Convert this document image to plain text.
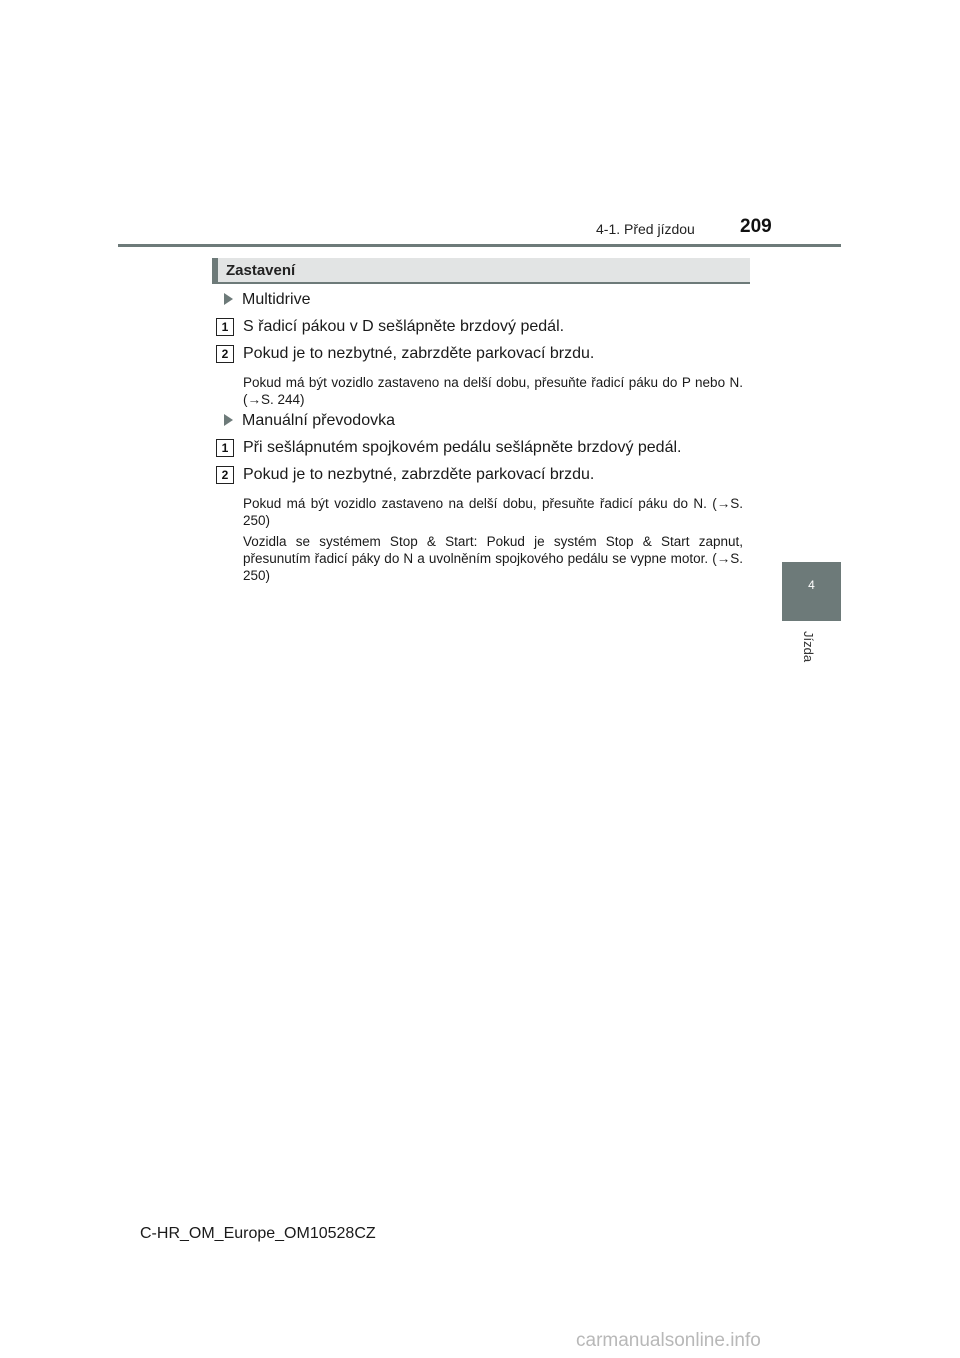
4-1. Před jízdou 209
4
Jízda
Zastavení
Multidrive
1 S řadicí pákou v D sešlápněte brzdový pedál.
2 Pokud je to nezbytné, zabrzděte parkovací brzdu.
Pokud má být vozidlo zastaveno na delší dobu, přesuňte řadicí páku do P nebo N. (→S. 244)
Manuální převodovka
1 Při sešlápnutém spojkovém pedálu sešlápněte brzdový pedál.
2 Pokud je to nezbytné, zabrzděte parkovací brzdu.
Pokud má být vozidlo zastaveno na delší dobu, přesuňte řadicí páku do N. (→S. 250)
Vozidla se systémem Stop & Start: Pokud je systém Stop & Start zapnut, přesunutím řadicí páky do N a uvolněním spojkového pedálu se vypne motor. (→S. 250)
C-HR_OM_Europe_OM10528CZ
carmanualsonline.info
